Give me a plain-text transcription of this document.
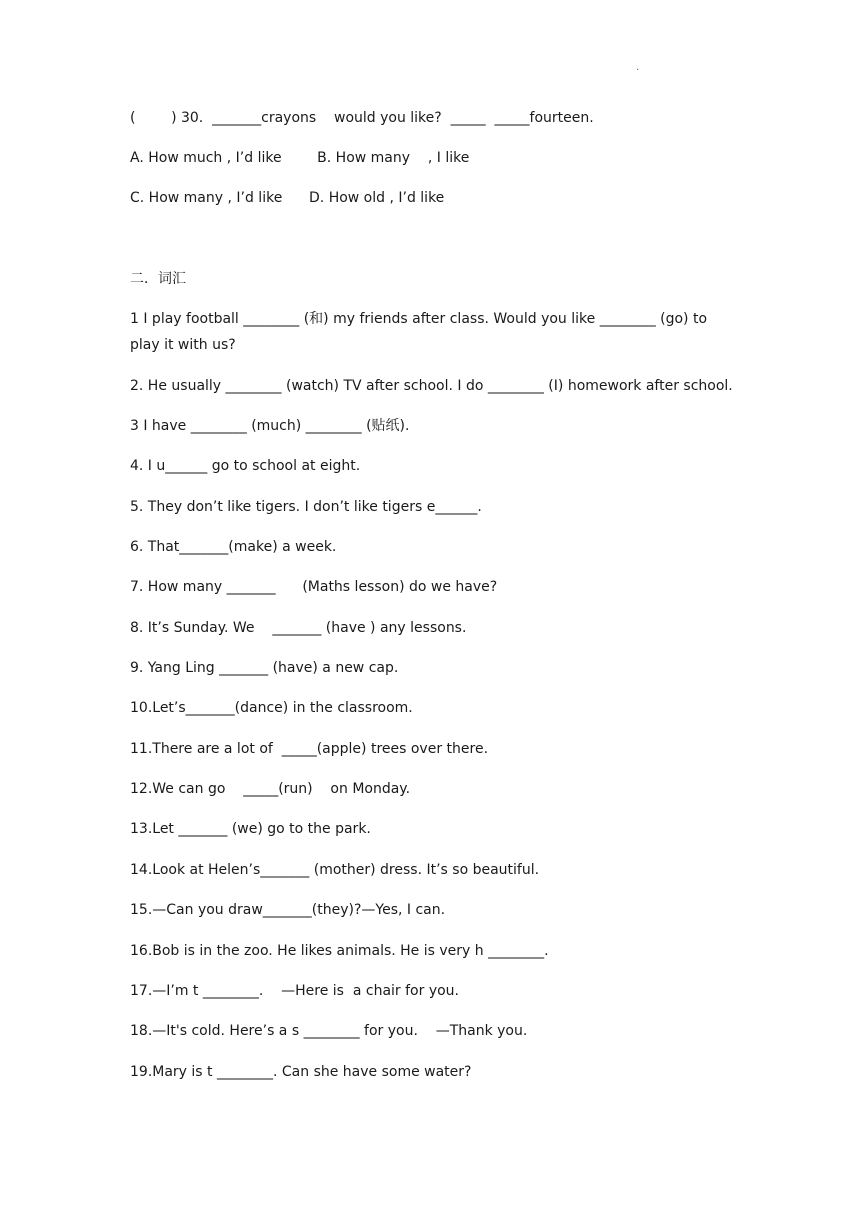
.
(        ) 30.  _______crayons    would you like?  _____  _____fourteen.
A. How much , I’d like        B. How many    , I like
C. How many , I’d like      D. How old , I’d like
二．词汇
1 I play football ________ (和) my friends after class. Would you like ________ (go) to play it with us?
2. He usually ________ (watch) TV after school. I do ________ (I) homework after school.
3 I have ________ (much) ________ (贴纸).
4. I u______ go to school at eight.
5. They don’t like tigers. I don’t like tigers e______.
6. That_______(make) a week.
7. How many _______      (Maths lesson) do we have?
8. It’s Sunday. We    _______ (have ) any lessons.
9. Yang Ling _______ (have) a new cap.
10.Let’s_______(dance) in the classroom.
11.There are a lot of  _____(apple) trees over there.
12.We can go    _____(run)    on Monday.
13.Let _______ (we) go to the park.
14.Look at Helen’s_______ (mother) dress. It’s so beautiful.
15.—Can you draw_______(they)?—Yes, I can.
16.Bob is in the zoo. He likes animals. He is very h ________.
17.—I’m t ________.    —Here is  a chair for you.
18.—It's cold. Here’s a s ________ for you.    —Thank you.
19.Mary is t ________. Can she have some water?
